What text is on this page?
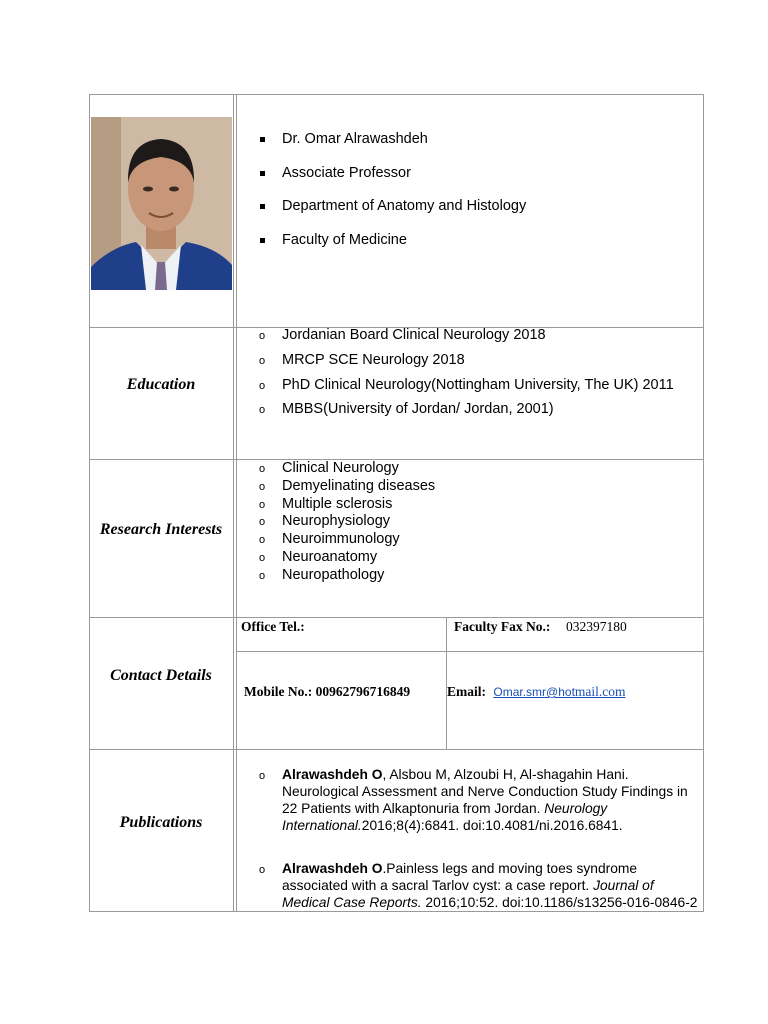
Dr. Omar Alrawashdeh
Associate Professor
Department of Anatomy and Histology
Faculty of Medicine
Education
o Jordanian Board Clinical Neurology 2018
o MRCP SCE Neurology 2018
o PhD Clinical Neurology(Nottingham University, The UK) 2011
o MBBS(University of Jordan/ Jordan, 2001)
Research Interests
o Clinical Neurology
o Demyelinating diseases
o Multiple sclerosis
o Neurophysiology
o Neuroimmunology
o Neuroanatomy
o Neuropathology
Contact Details
Office Tel.:	Faculty Fax No.: 032397180
Mobile No.: 00962796716849	Email: Omar.smr@hotmail.com
Publications
o	Alrawashdeh O, Alsbou M, Alzoubi H, Al-shagahin Hani. Neurological Assessment and Nerve Conduction Study Findings in 22 Patients with Alkaptonuria from Jordan. Neurology International.2016;8(4):6841. doi:10.4081/ni.2016.6841.
o	Alrawashdeh O.Painless legs and moving toes syndrome associated with a sacral Tarlov cyst: a case report. Journal of Medical Case Reports. 2016;10:52. doi:10.1186/s13256-016-0846-2
